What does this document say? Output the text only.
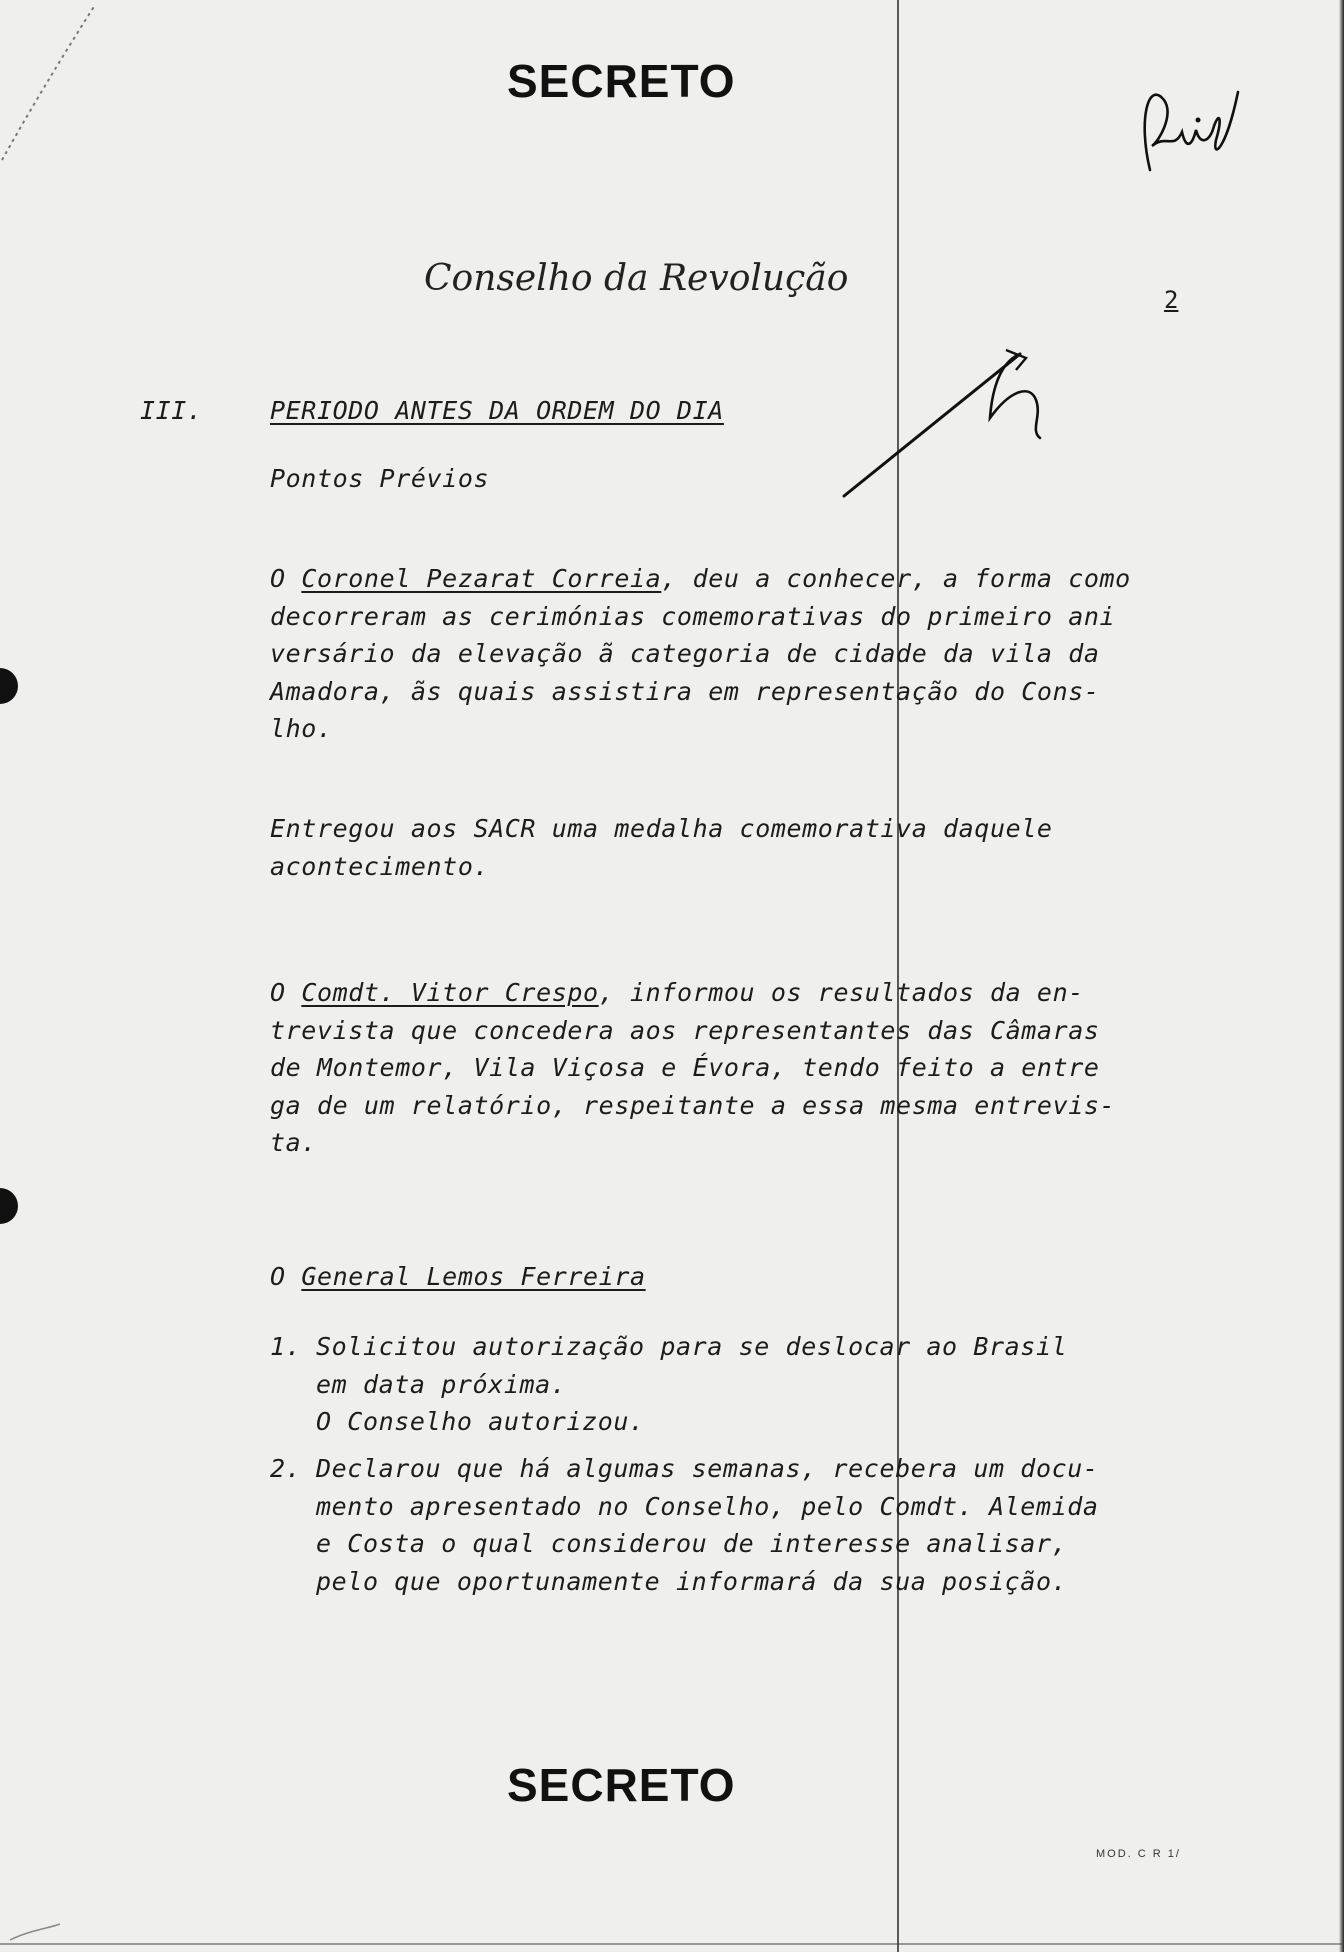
SECRETO
Conselho da Revolução
2
III.	PERIODO ANTES DA ORDEM DO DIA
Pontos Prévios
O Coronel Pezarat Correia, deu a conhecer, a forma como
decorreram as cerimónias comemorativas do primeiro ani
versário da elevação ã categoria de cidade da vila da
Amadora, ãs quais assistira em representação do Cons-
lho.
Entregou aos SACR uma medalha comemorativa daquele
acontecimento.
O Comdt. Vitor Crespo, informou os resultados da en-
trevista que concedera aos representantes das Câmaras
de Montemor, Vila Viçosa e Évora, tendo feito a entre
ga de um relatório, respeitante a essa mesma entrevis-
ta.
O General Lemos Ferreira
1. Solicitou autorização para se deslocar ao Brasil
em data próxima.
O Conselho autorizou.
2. Declarou que há algumas semanas, recebera um docu-
mento apresentado no Conselho, pelo Comdt. Alemida
e Costa o qual considerou de interesse analisar,
pelo que oportunamente informará da sua posição.
SECRETO
MOD. C R 1/
